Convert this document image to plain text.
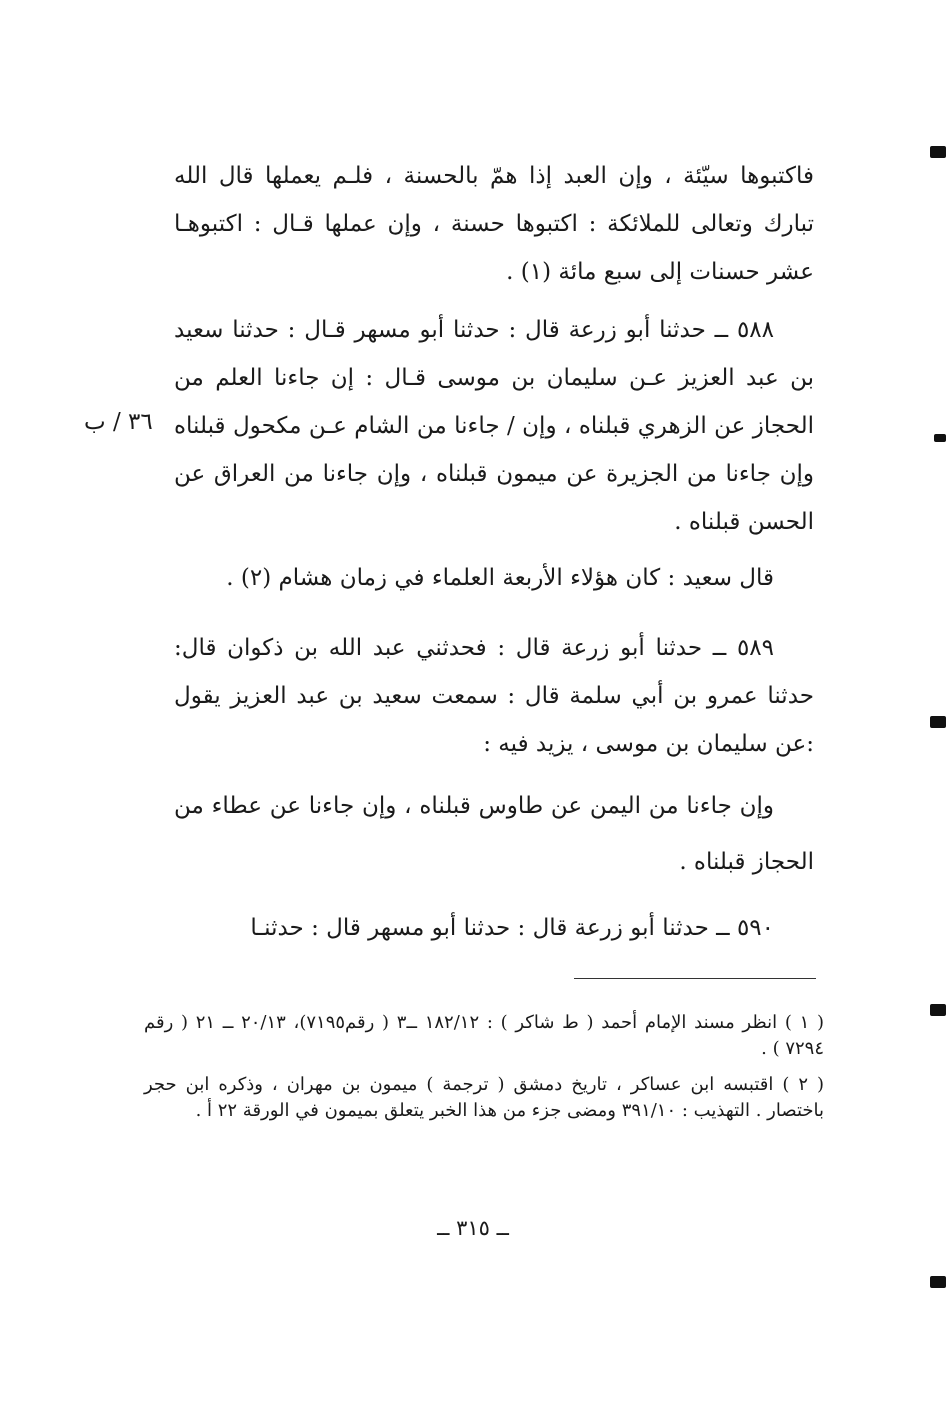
فاكتبوها سيّئة ، وإن العبد إذا همّ بالحسنة ، فلـم يعملها قال الله تبارك وتعالى للملائكة : اكتبوها حسنة ، وإن عملها قـال : اكتبوهـا عشر حسنات إلى سبع مائة (١) .

٥٨٨ ــ حدثنا أبو زرعة قال : حدثنا أبو مسهر قـال : حدثنا سعيد بن عبد العزيز عـن سليمان بن موسى قـال : إن جاءنا العلم من الحجاز عن الزهري قبلناه ، وإن / جاءنا من الشام عـن مكحول قبلناه وإن جاءنا من الجزيرة عن ميمون قبلناه ، وإن جاءنا من العراق عن الحسن قبلناه .

٣٦ / ب

قال سعيد : كان هؤلاء الأربعة العلماء في زمان هشام (٢) .

٥٨٩ ــ حدثنا أبو زرعة قال : فحدثني عبد الله بن ذكوان قال: حدثنا عمرو بن أبي سلمة قال : سمعت سعيد بن عبد العزيز يقول :عن سليمان بن موسى ، يزيد فيه :

وإن جاءنا من اليمن عن طاوس قبلناه ، وإن جاءنا عن عطاء من الحجاز قبلناه .

٥٩٠ ــ حدثنا أبو زرعة قال : حدثنا أبو مسهر قال : حدثنـا

( ١ ) انظر مسند الإمام أحمد ( ط شاكر ) : ١٨٢/١٢ ــ٣ ( رقم٧١٩٥)، ٢٠/١٣ ــ ٢١ ( رقم ٧٢٩٤ ) .

( ٢ ) اقتبسه ابن عساكر ، تاريخ دمشق ( ترجمة ) ميمون بن مهران ، وذكره ابن حجر باختصار . التهذيب : ٣٩١/١٠ ومضى جزء من هذا الخبر يتعلق بميمون في الورقة ٢٢ أ .

ــ ٣١٥ ــ
